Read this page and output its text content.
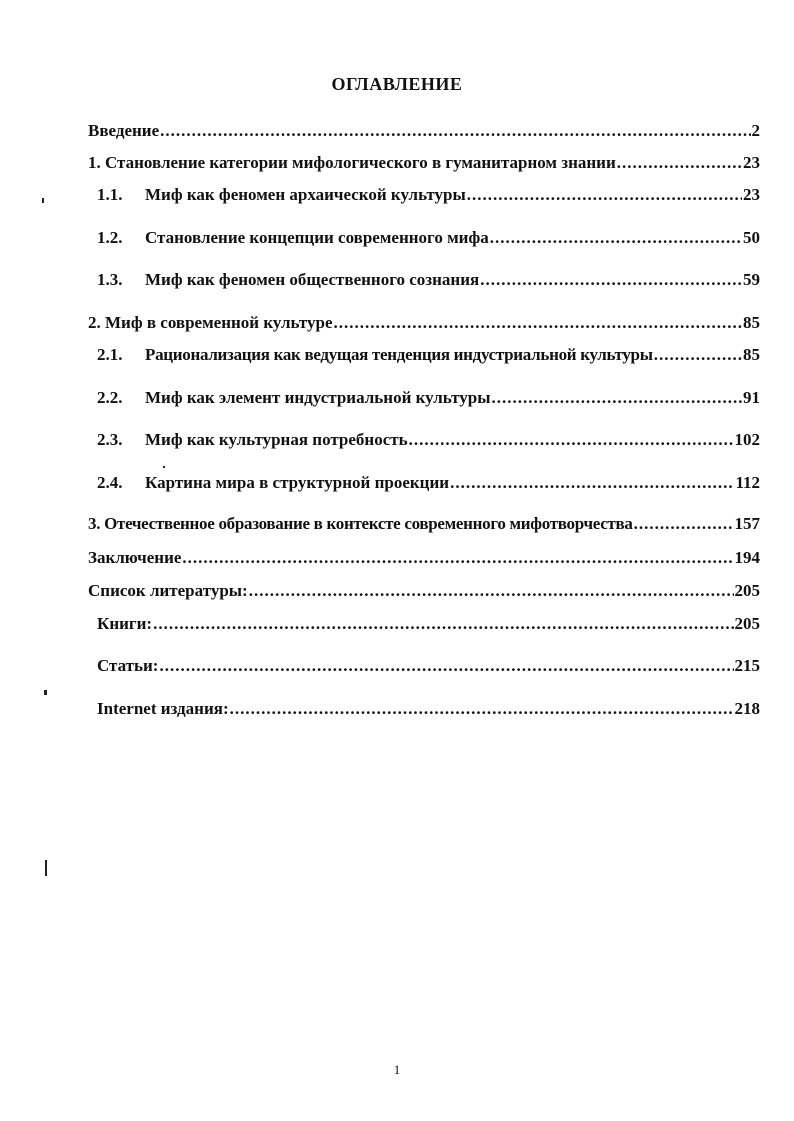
ОГЛАВЛЕНИЕ
Введение .....	2
1. Становление категории мифологического в гуманитарном знании .....	23
1.1.	Миф как феномен архаической культуры .....	23
1.2.	Становление концепции современного мифа .....	50
1.3.	Миф как феномен общественного сознания .....	59
2. Миф в современной культуре .....	85
2.1.	Рационализация как ведущая тенденция индустриальной культуры .....	85
2.2.	Миф как элемент индустриальной культуры .....	91
2.3.	Миф как культурная потребность .....	102
2.4.	Картина мира в структурной проекции .....	112
3. Отечественное образование в контексте современного мифотворчества .....	157
Заключение .....	194
Список литературы: .....	205
Книги: .....	205
Статьи: .....	215
Internet издания: .....	218
1
